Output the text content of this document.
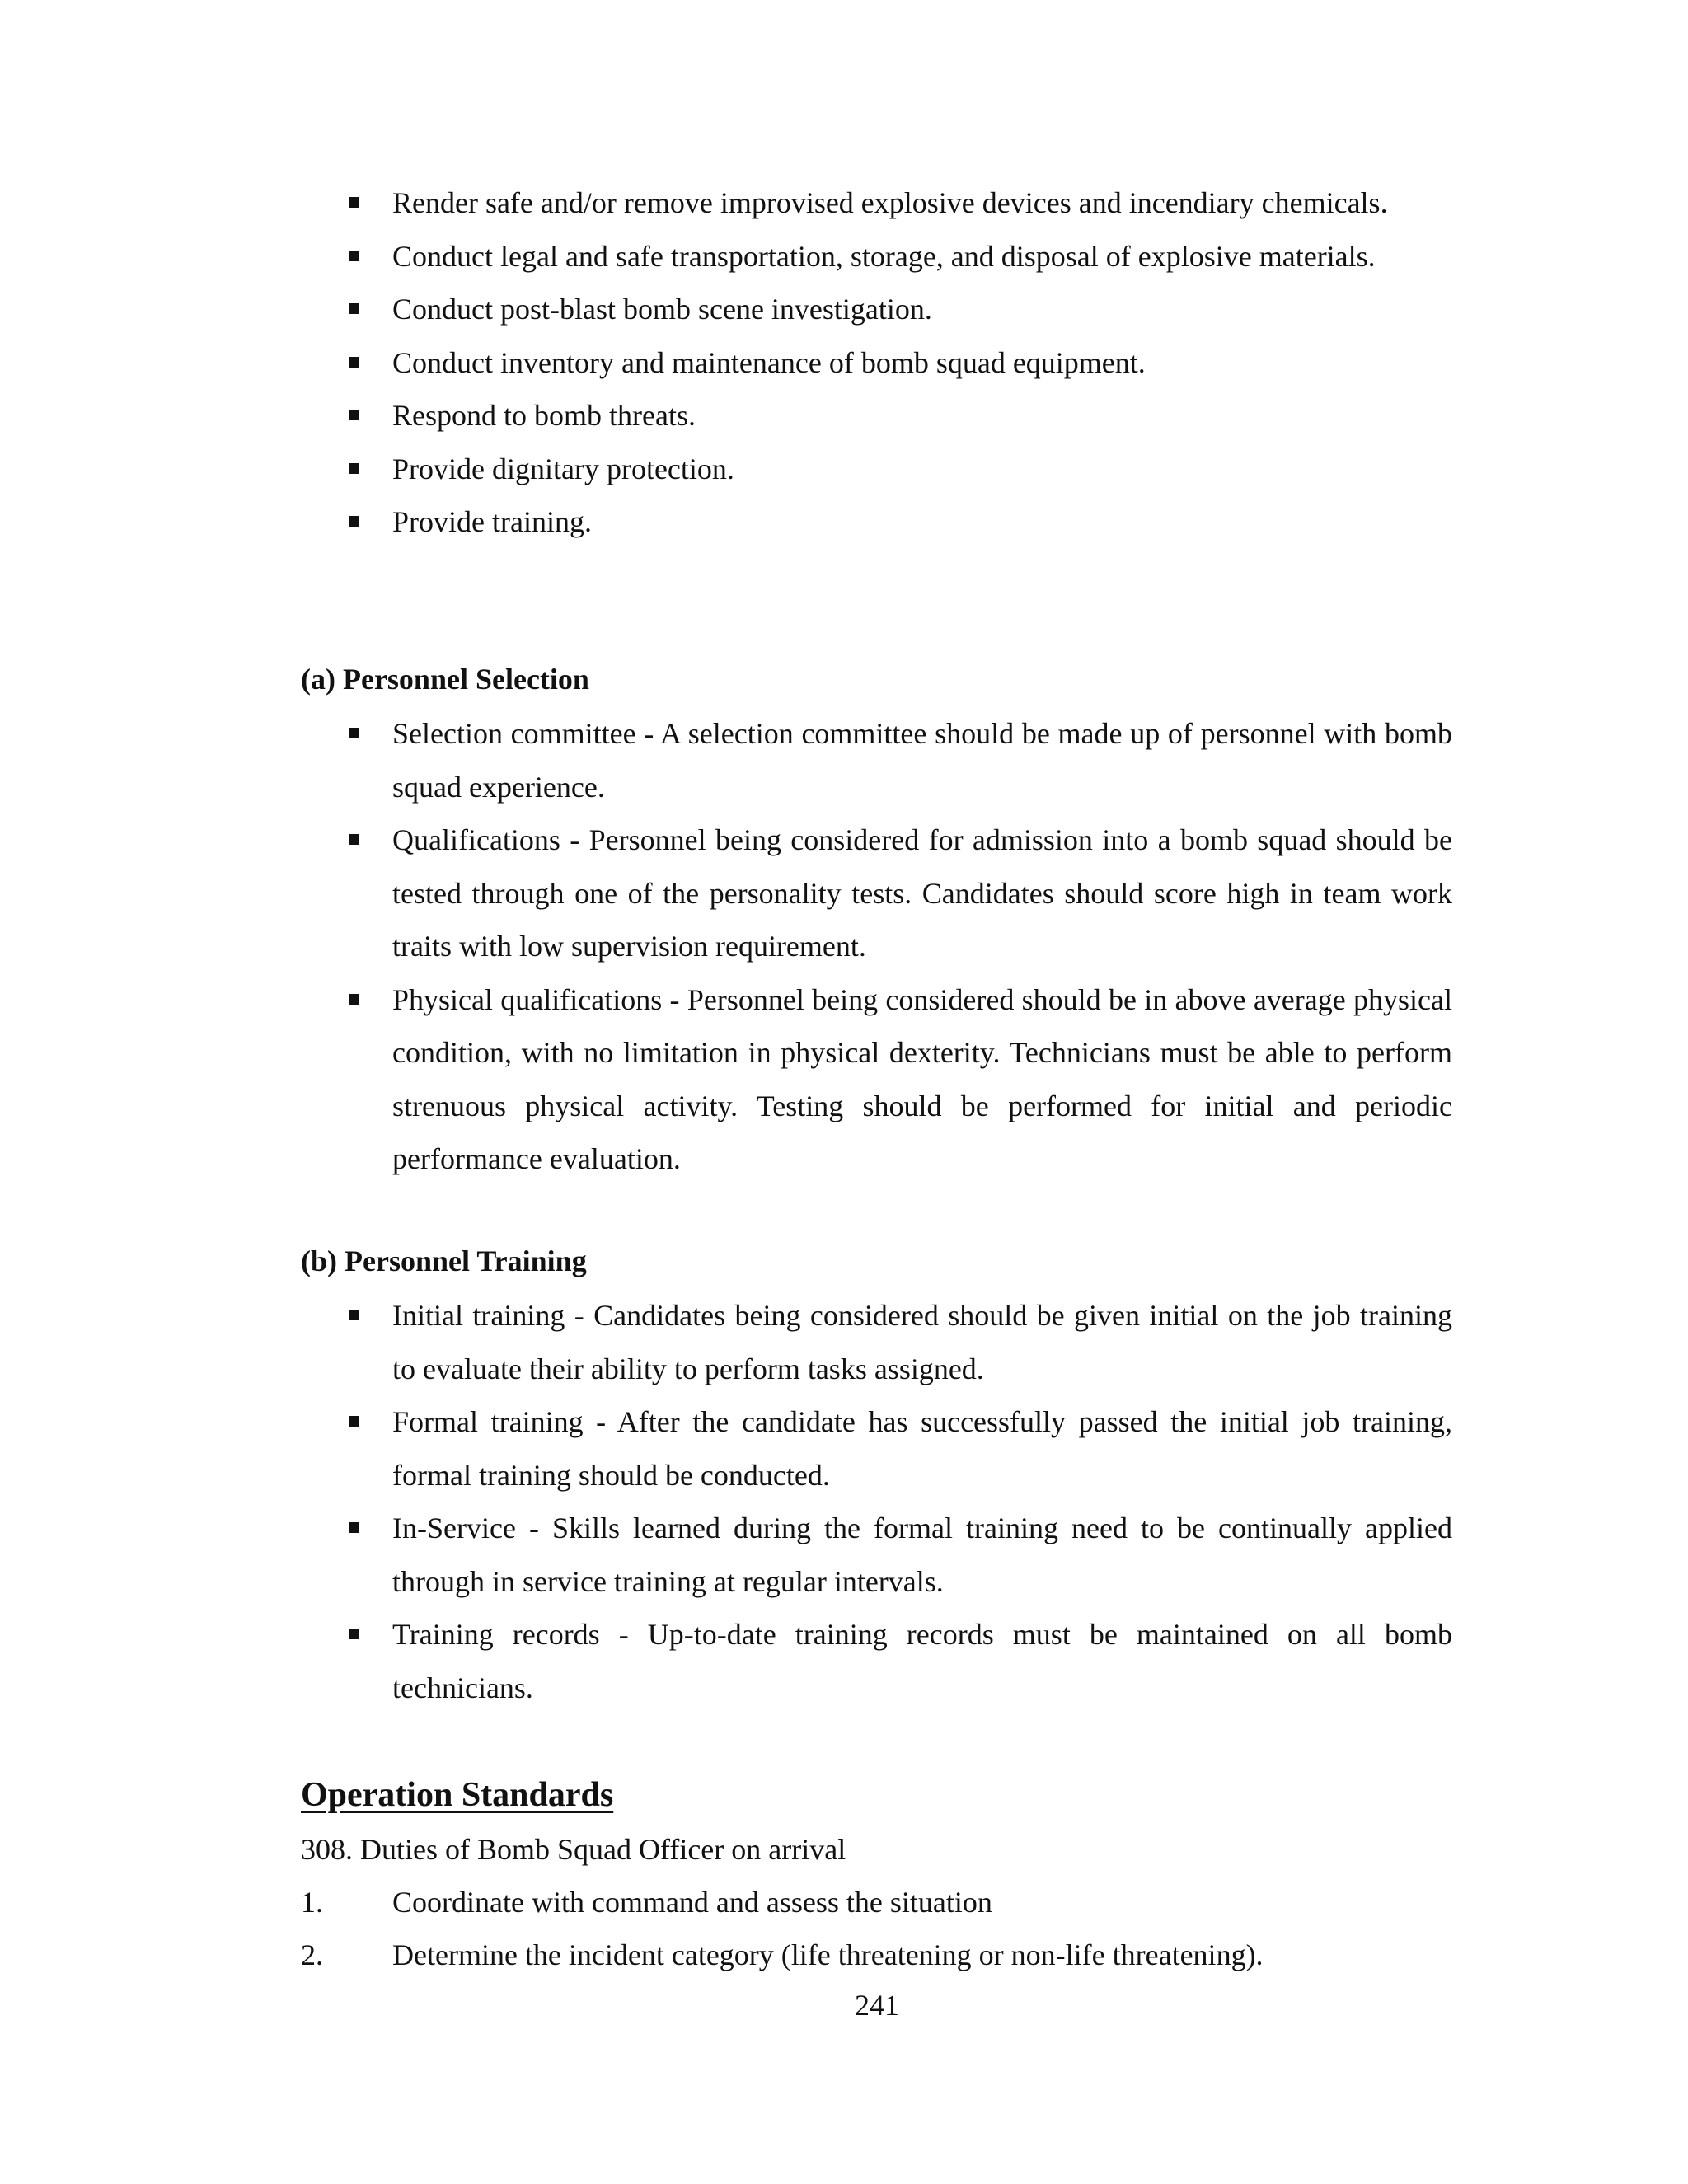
Render safe and/or remove improvised explosive devices and incendiary chemicals.
Conduct legal and safe transportation, storage, and disposal of explosive materials.
Conduct post-blast bomb scene investigation.
Conduct inventory and maintenance of bomb squad equipment.
Respond to bomb threats.
Provide dignitary protection.
Provide training.
(a) Personnel Selection
Selection committee - A selection committee should be made up of personnel with bomb squad experience.
Qualifications - Personnel being considered for admission into a bomb squad should be tested through one of the personality tests. Candidates should score high in team work traits with low supervision requirement.
Physical qualifications - Personnel being considered should be in above average physical condition, with no limitation in physical dexterity. Technicians must be able to perform strenuous physical activity. Testing should be performed for initial and periodic performance evaluation.
(b) Personnel Training
Initial training - Candidates being considered should be given initial on the job training to evaluate their ability to perform tasks assigned.
Formal training - After the candidate has successfully passed the initial job training, formal training should be conducted.
In-Service - Skills learned during the formal training need to be continually applied through in service training at regular intervals.
Training records - Up-to-date training records must be maintained on all bomb technicians.
Operation Standards

308. Duties of Bomb Squad Officer on arrival

1. Coordinate with command and assess the situation
2. Determine the incident category (life threatening or non-life threatening).

241
